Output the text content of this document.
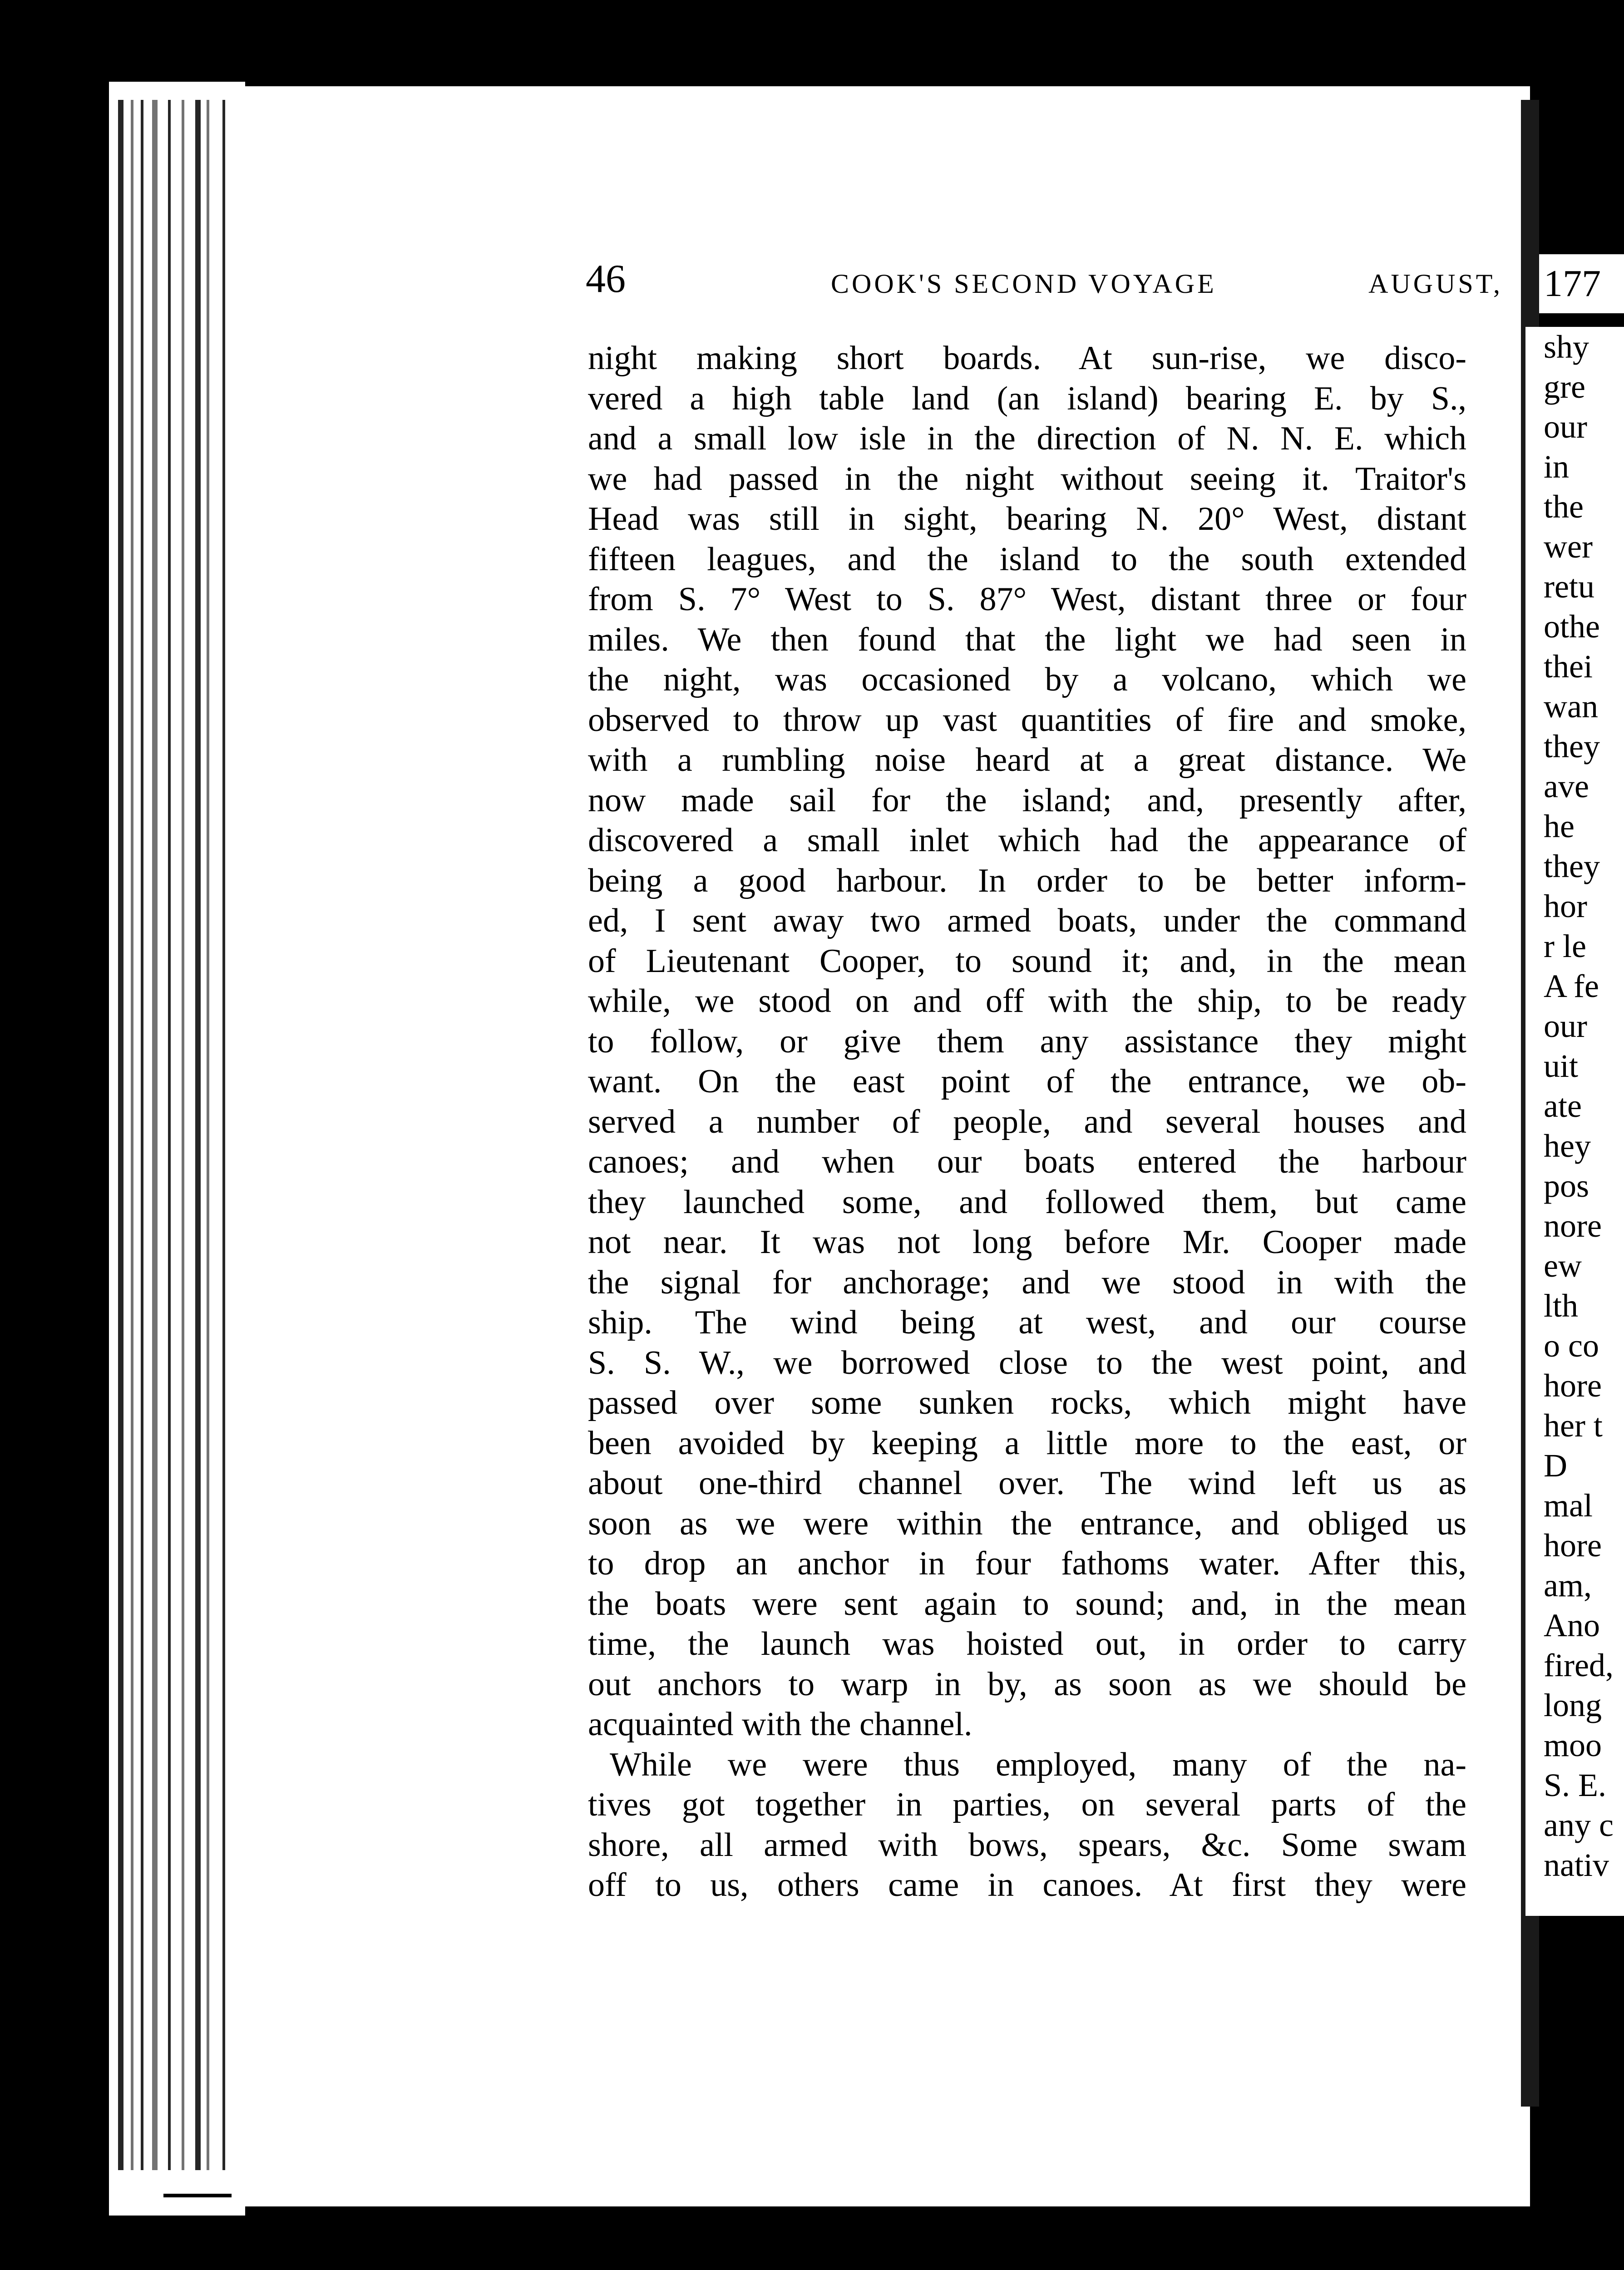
177
shy
gre
our
in
the
wer
retu
othe
thei
wan
they
ave
he
they
hor
r le
A fe
our
uit
ate
hey
pos
nore
ew
lth
o co
hore
her t
D
mal
hore
am,
Ano
fired,
long
moo
S. E.
any c
nativ
46	COOK'S SECOND VOYAGE	AUGUST,
night making short boards. At sun-rise, we disco-
vered a high table land (an island) bearing E. by S.,
and a small low isle in the direction of N. N. E. which
we had passed in the night without seeing it. Traitor's
Head was still in sight, bearing N. 20° West, distant
fifteen leagues, and the island to the south extended
from S. 7° West to S. 87° West, distant three or four
miles. We then found that the light we had seen in
the night, was occasioned by a volcano, which we
observed to throw up vast quantities of fire and smoke,
with a rumbling noise heard at a great distance. We
now made sail for the island; and, presently after,
discovered a small inlet which had the appearance of
being a good harbour. In order to be better inform-
ed, I sent away two armed boats, under the command
of Lieutenant Cooper, to sound it; and, in the mean
while, we stood on and off with the ship, to be ready
to follow, or give them any assistance they might
want. On the east point of the entrance, we ob-
served a number of people, and several houses and
canoes; and when our boats entered the harbour
they launched some, and followed them, but came
not near. It was not long before Mr. Cooper made
the signal for anchorage; and we stood in with the
ship. The wind being at west, and our course
S. S. W., we borrowed close to the west point, and
passed over some sunken rocks, which might have
been avoided by keeping a little more to the east, or
about one-third channel over. The wind left us as
soon as we were within the entrance, and obliged us
to drop an anchor in four fathoms water. After this,
the boats were sent again to sound; and, in the mean
time, the launch was hoisted out, in order to carry
out anchors to warp in by, as soon as we should be
acquainted with the channel.
While we were thus employed, many of the na-
tives got together in parties, on several parts of the
shore, all armed with bows, spears, &c. Some swam
off to us, others came in canoes. At first they were
